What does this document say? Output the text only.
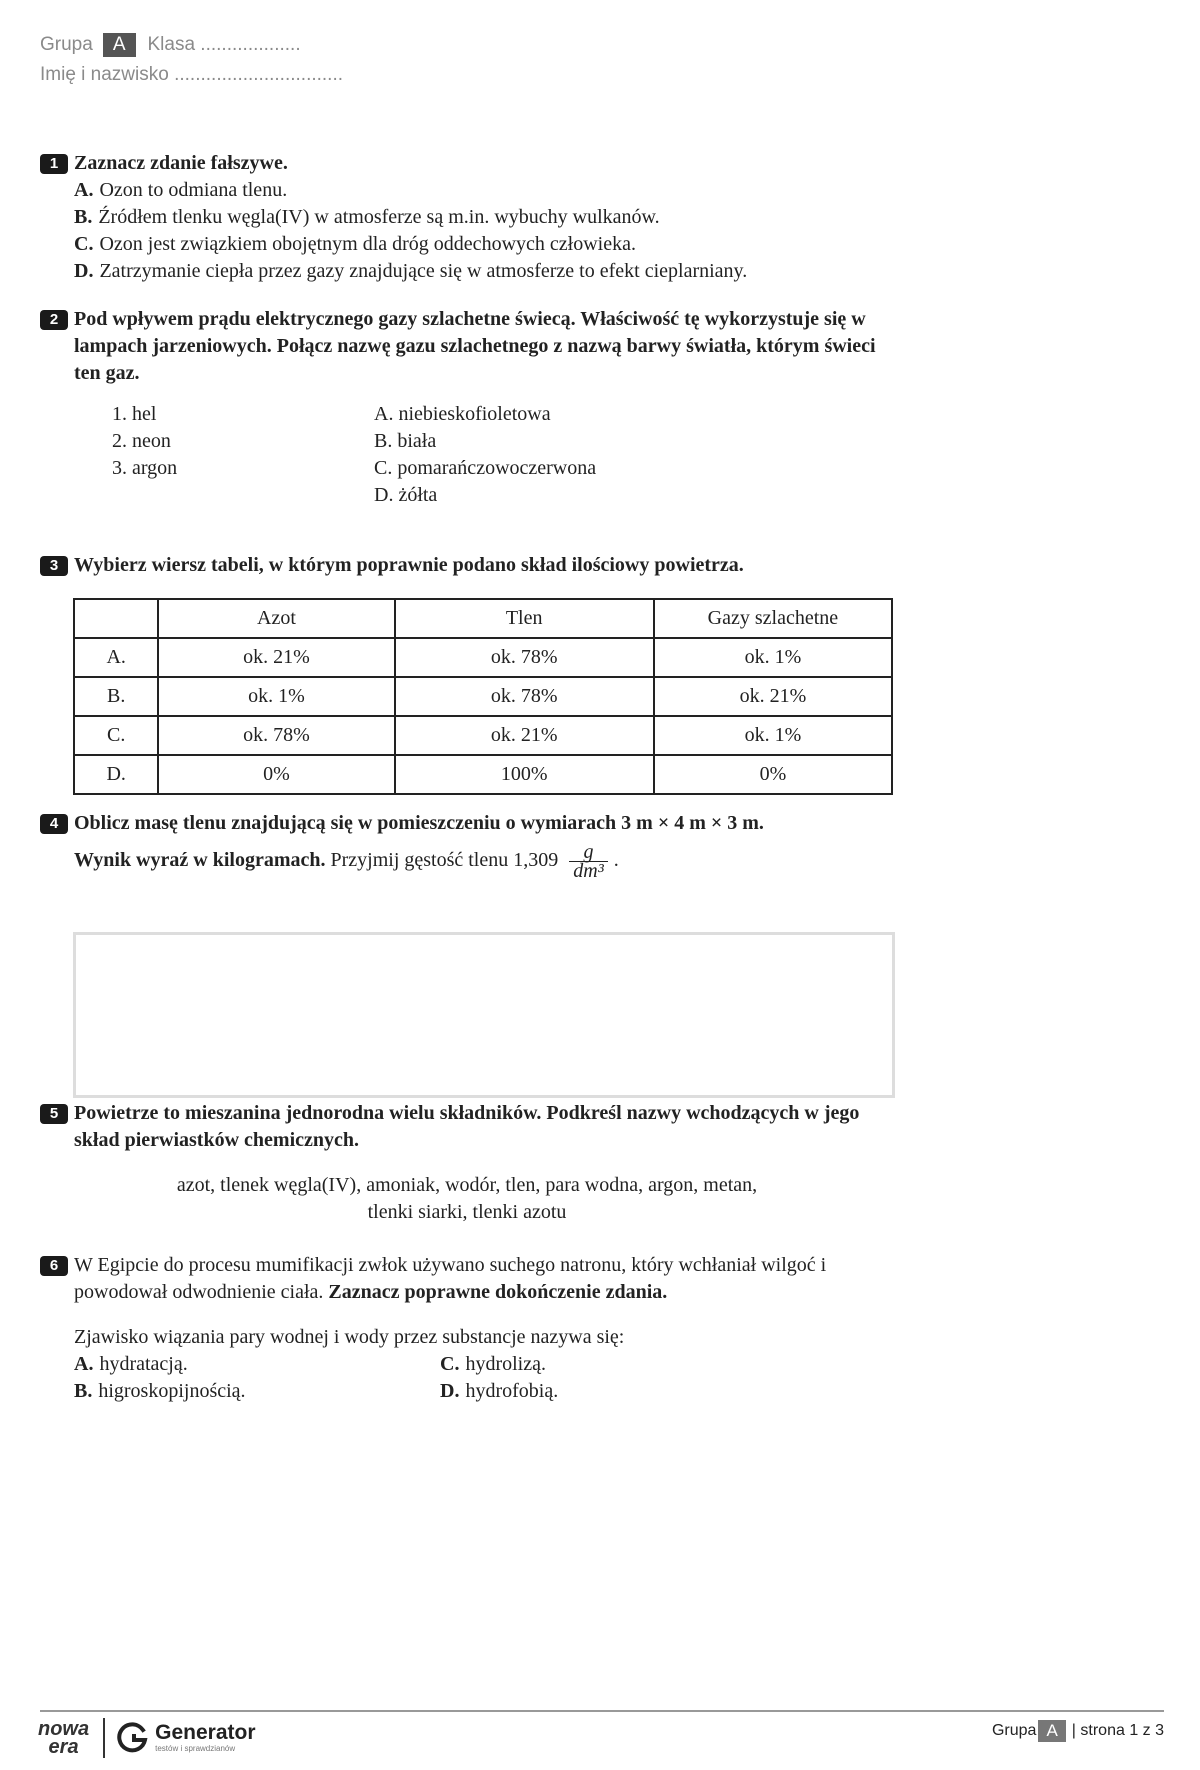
Grupa	A	Klasa ...................
Imię i nazwisko ................................
1 Zaznacz zdanie fałszywe.
A. Ozon to odmiana tlenu.
B. Źródłem tlenku węgla(IV) w atmosferze są m.in. wybuchy wulkanów.
C. Ozon jest związkiem obojętnym dla dróg oddechowych człowieka.
D. Zatrzymanie ciepła przez gazy znajdujące się w atmosferze to efekt cieplarniany.
2 Pod wpływem prądu elektrycznego gazy szlachetne świecą. Właściwość tę wykorzystuje się w lampach jarzeniowych. Połącz nazwę gazu szlachetnego z nazwą barwy światła, którym świeci ten gaz.
1. hel
2. neon
3. argon
A. niebieskofioletowa
B. biała
C. pomarańczowoczerwona
D. żółta
3 Wybierz wiersz tabeli, w którym poprawnie podano skład ilościowy powietrza.
	Azot	Tlen	Gazy szlachetne
A.	ok. 21%	ok. 78%	ok. 1%
B.	ok. 1%	ok. 78%	ok. 21%
C.	ok. 78%	ok. 21%	ok. 1%
D.	0%	100%	0%
4 Oblicz masę tlenu znajdującą się w pomieszczeniu o wymiarach 3 m × 4 m × 3 m.
Wynik wyraź w kilogramach. Przyjmij gęstość tlenu $1,309 \frac{g}{\text{dm³}}$ .
5 Powietrze to mieszanina jednorodna wielu składników. Podkreśl nazwy wchodzących w jego skład pierwiastków chemicznych.
azot, tlenek węgla(IV), amoniak, wodór, tlen, para wodna, argon, metan,
tlenki siarki, tlenki azotu
6 W Egipcie do procesu mumifikacji zwłok używano suchego natronu, który wchłaniał wilgoć i powodował odwodnienie ciała. Zaznacz poprawne dokończenie zdania.
Zjawisko wiązania pary wodnej i wody przez substancje nazywa się:
A. hydratacją.
B. higroskopijnością.
C. hydrolizą.
D. hydrofobią.
nowa
era
Generator
testów i sprawdzianów
Grupa A | strona 1 z 3
